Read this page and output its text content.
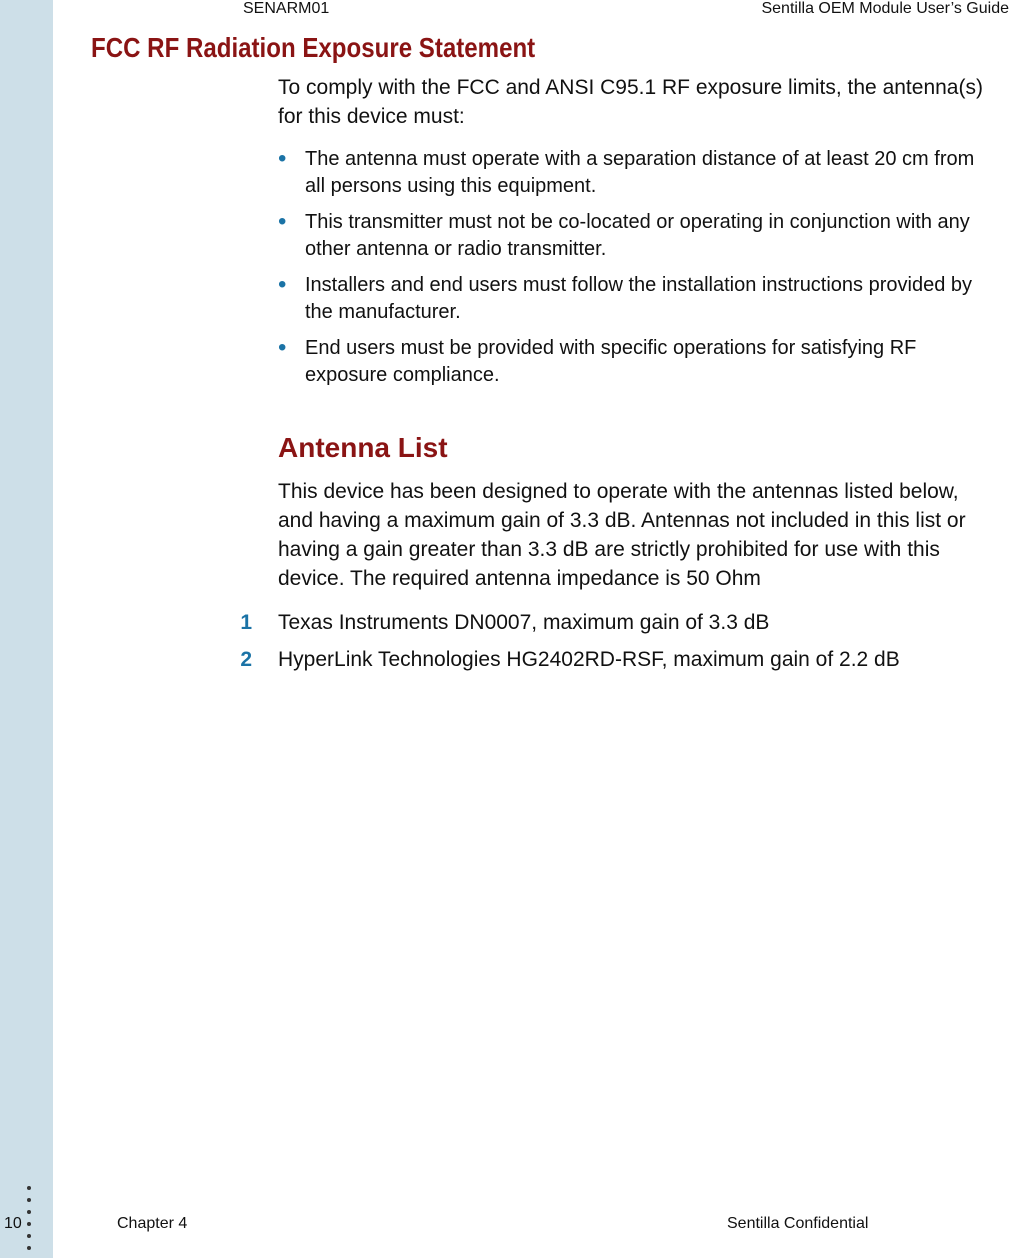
SENARM01	Sentilla OEM Module User’s Guide
FCC RF Radiation Exposure Statement

To comply with the FCC and ANSI C95.1 RF exposure limits, the antenna(s) for this device must:

• The antenna must operate with a separation distance of at least 20 cm from all persons using this equipment.
• This transmitter must not be co-located or operating in conjunction with any other antenna or radio transmitter.
• Installers and end users must follow the installation instructions provided by the manufacturer.
• End users must be provided with specific operations for satisfying RF exposure compliance.
Antenna List

This device has been designed to operate with the antennas listed below, and having a maximum gain of 3.3 dB. Antennas not included in this list or having a gain greater than 3.3 dB are strictly prohibited for use with this device. The required antenna impedance is 50 Ohm

1 Texas Instruments DN0007, maximum gain of 3.3 dB
2 HyperLink Technologies HG2402RD-RSF, maximum gain of 2.2 dB
10	Chapter 4	Sentilla Confidential
